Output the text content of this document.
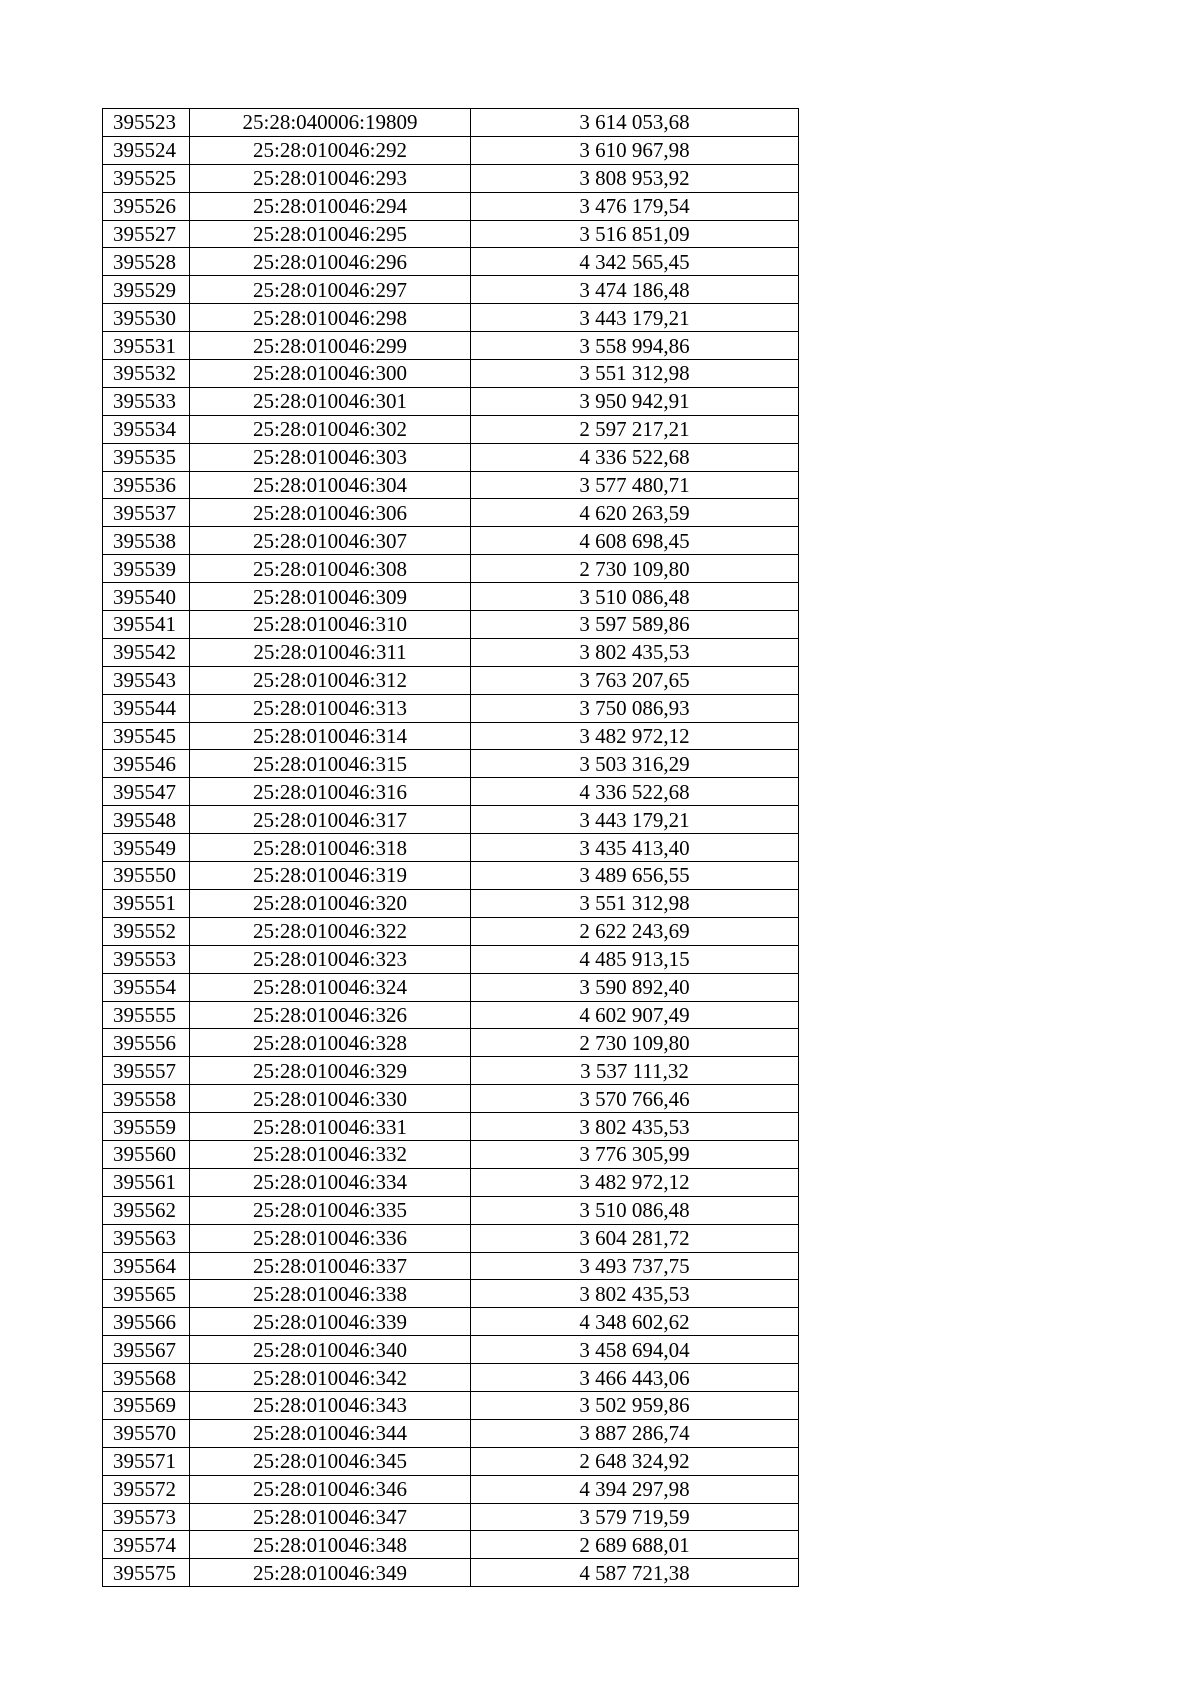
395523	25:28:040006:19809	3 614 053,68
395524	25:28:010046:292	3 610 967,98
395525	25:28:010046:293	3 808 953,92
395526	25:28:010046:294	3 476 179,54
395527	25:28:010046:295	3 516 851,09
395528	25:28:010046:296	4 342 565,45
395529	25:28:010046:297	3 474 186,48
395530	25:28:010046:298	3 443 179,21
395531	25:28:010046:299	3 558 994,86
395532	25:28:010046:300	3 551 312,98
395533	25:28:010046:301	3 950 942,91
395534	25:28:010046:302	2 597 217,21
395535	25:28:010046:303	4 336 522,68
395536	25:28:010046:304	3 577 480,71
395537	25:28:010046:306	4 620 263,59
395538	25:28:010046:307	4 608 698,45
395539	25:28:010046:308	2 730 109,80
395540	25:28:010046:309	3 510 086,48
395541	25:28:010046:310	3 597 589,86
395542	25:28:010046:311	3 802 435,53
395543	25:28:010046:312	3 763 207,65
395544	25:28:010046:313	3 750 086,93
395545	25:28:010046:314	3 482 972,12
395546	25:28:010046:315	3 503 316,29
395547	25:28:010046:316	4 336 522,68
395548	25:28:010046:317	3 443 179,21
395549	25:28:010046:318	3 435 413,40
395550	25:28:010046:319	3 489 656,55
395551	25:28:010046:320	3 551 312,98
395552	25:28:010046:322	2 622 243,69
395553	25:28:010046:323	4 485 913,15
395554	25:28:010046:324	3 590 892,40
395555	25:28:010046:326	4 602 907,49
395556	25:28:010046:328	2 730 109,80
395557	25:28:010046:329	3 537 111,32
395558	25:28:010046:330	3 570 766,46
395559	25:28:010046:331	3 802 435,53
395560	25:28:010046:332	3 776 305,99
395561	25:28:010046:334	3 482 972,12
395562	25:28:010046:335	3 510 086,48
395563	25:28:010046:336	3 604 281,72
395564	25:28:010046:337	3 493 737,75
395565	25:28:010046:338	3 802 435,53
395566	25:28:010046:339	4 348 602,62
395567	25:28:010046:340	3 458 694,04
395568	25:28:010046:342	3 466 443,06
395569	25:28:010046:343	3 502 959,86
395570	25:28:010046:344	3 887 286,74
395571	25:28:010046:345	2 648 324,92
395572	25:28:010046:346	4 394 297,98
395573	25:28:010046:347	3 579 719,59
395574	25:28:010046:348	2 689 688,01
395575	25:28:010046:349	4 587 721,38
